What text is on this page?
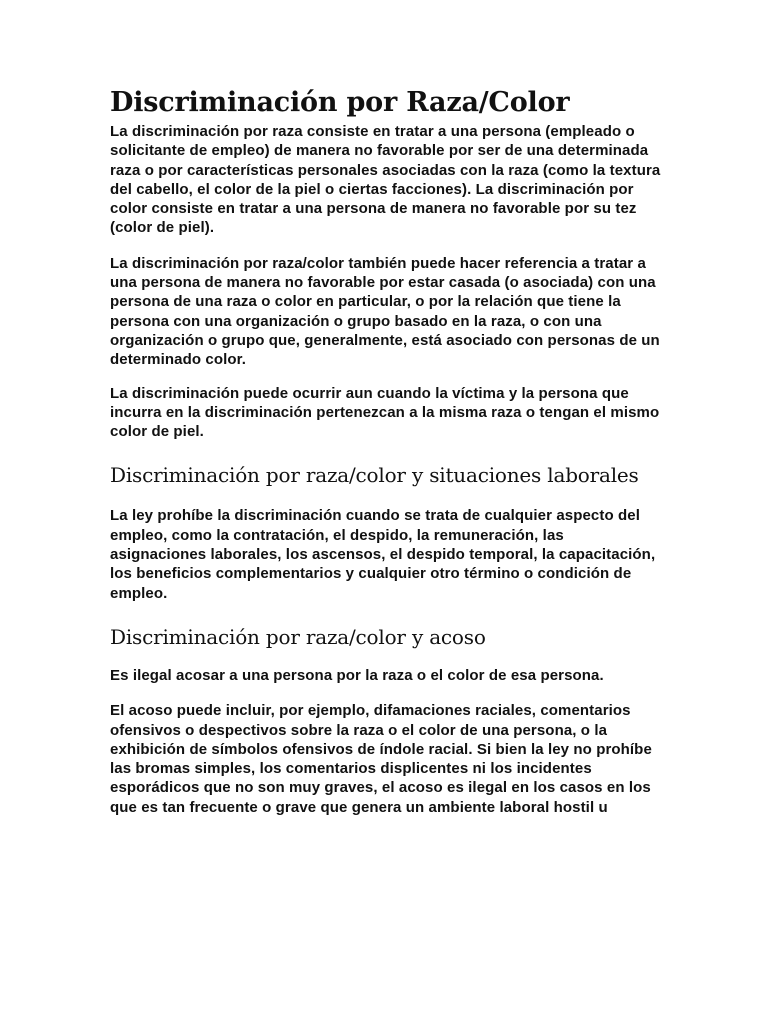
Discriminación por Raza/Color

La discriminación por raza consiste en tratar a una persona (empleado o solicitante de empleo) de manera no favorable por ser de una determinada raza o por características personales asociadas con la raza (como la textura del cabello, el color de la piel o ciertas facciones). La discriminación por color consiste en tratar a una persona de manera no favorable por su tez (color de piel).

La discriminación por raza/color también puede hacer referencia a tratar a una persona de manera no favorable por estar casada (o asociada) con una persona de una raza o color en particular, o por la relación que tiene la persona con una organización o grupo basado en la raza, o con una organización o grupo que, generalmente, está asociado con personas de un determinado color.

La discriminación puede ocurrir aun cuando la víctima y la persona que incurra en la discriminación pertenezcan a la misma raza o tengan el mismo color de piel.

Discriminación por raza/color y situaciones laborales

La ley prohíbe la discriminación cuando se trata de cualquier aspecto del empleo, como la contratación, el despido, la remuneración, las asignaciones laborales, los ascensos, el despido temporal, la capacitación, los beneficios complementarios y cualquier otro término o condición de empleo.

Discriminación por raza/color y acoso

Es ilegal acosar a una persona por la raza o el color de esa persona.

El acoso puede incluir, por ejemplo, difamaciones raciales, comentarios ofensivos o despectivos sobre la raza o el color de una persona, o la exhibición de símbolos ofensivos de índole racial. Si bien la ley no prohíbe las bromas simples, los comentarios displicentes ni los incidentes esporádicos que no son muy graves, el acoso es ilegal en los casos en los que es tan frecuente o grave que genera un ambiente laboral hostil u
